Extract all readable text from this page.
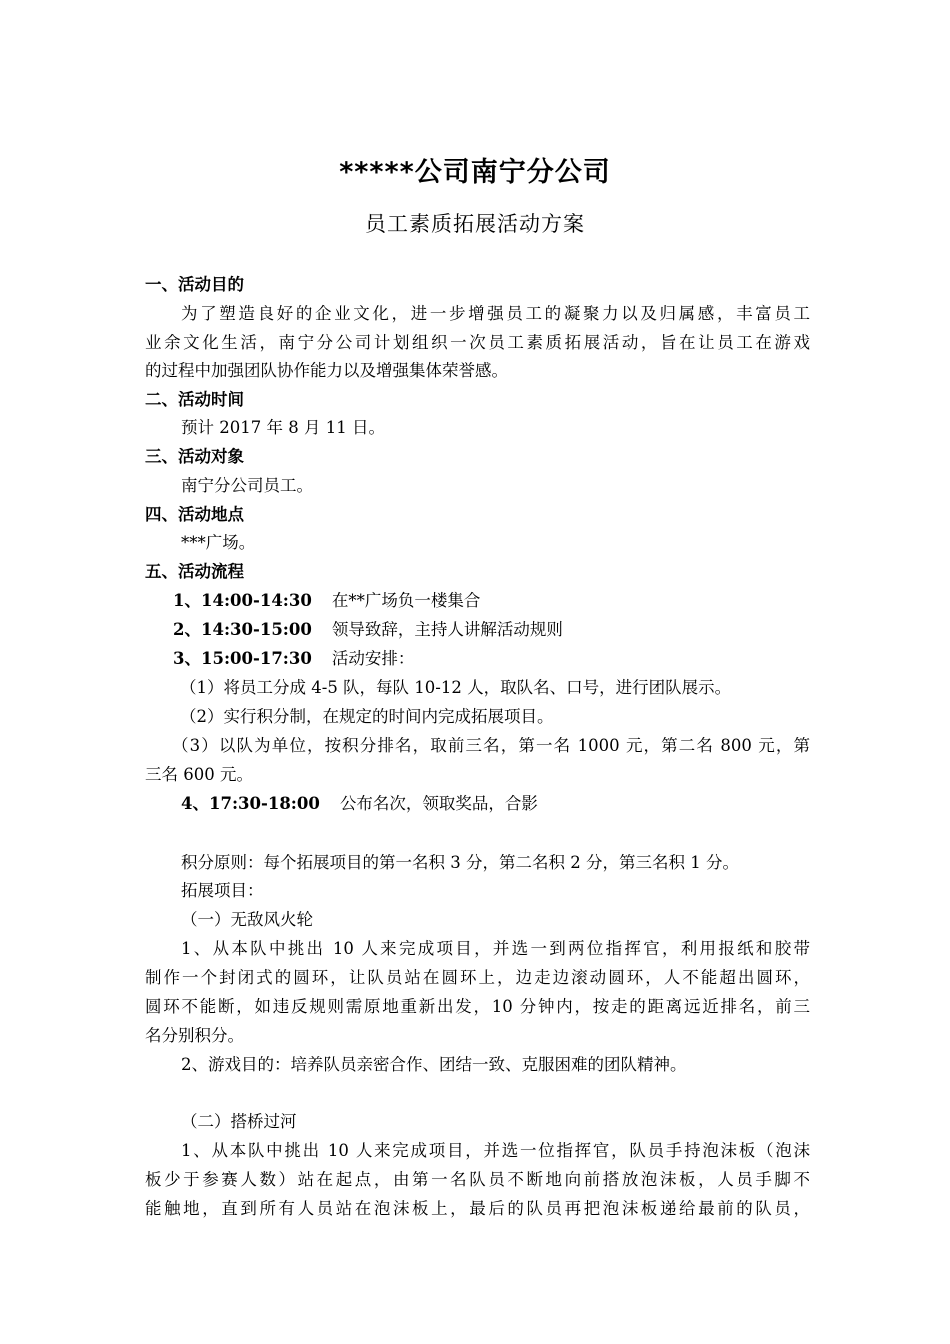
*****公司南宁分公司
员工素质拓展活动方案
一、活动目的
为了塑造良好的企业文化，进一步增强员工的凝聚力以及归属感，丰富员工
业余文化生活，南宁分公司计划组织一次员工素质拓展活动，旨在让员工在游戏
的过程中加强团队协作能力以及增强集体荣誉感。
二、活动时间
预计 2017 年 8 月 11 日。
三、活动对象
南宁分公司员工。
四、活动地点
***广场。
五、活动流程
1、14:00-14:30 在**广场负一楼集合
2、14:30-15:00 领导致辞，主持人讲解活动规则
3、15:00-17:30 活动安排：
（1）将员工分成 4-5 队，每队 10-12 人，取队名、口号，进行团队展示。
（2）实行积分制，在规定的时间内完成拓展项目。
（3）以队为单位，按积分排名，取前三名，第一名 1000 元，第二名 800 元，第
三名 600 元。
4、17:30-18:00 公布名次，领取奖品，合影
积分原则：每个拓展项目的第一名积 3 分，第二名积 2 分，第三名积 1 分。
拓展项目：
（一）无敌风火轮
1、从本队中挑出 10 人来完成项目，并选一到两位指挥官，利用报纸和胶带
制作一个封闭式的圆环，让队员站在圆环上，边走边滚动圆环，人不能超出圆环，
圆环不能断，如违反规则需原地重新出发，10 分钟内，按走的距离远近排名，前三
名分别积分。
2、游戏目的：培养队员亲密合作、团结一致、克服困难的团队精神。
（二）搭桥过河
1、从本队中挑出 10 人来完成项目，并选一位指挥官，队员手持泡沫板（泡沫
板少于参赛人数）站在起点，由第一名队员不断地向前搭放泡沫板，人员手脚不
能触地，直到所有人员站在泡沫板上，最后的队员再把泡沫板递给最前的队员，
